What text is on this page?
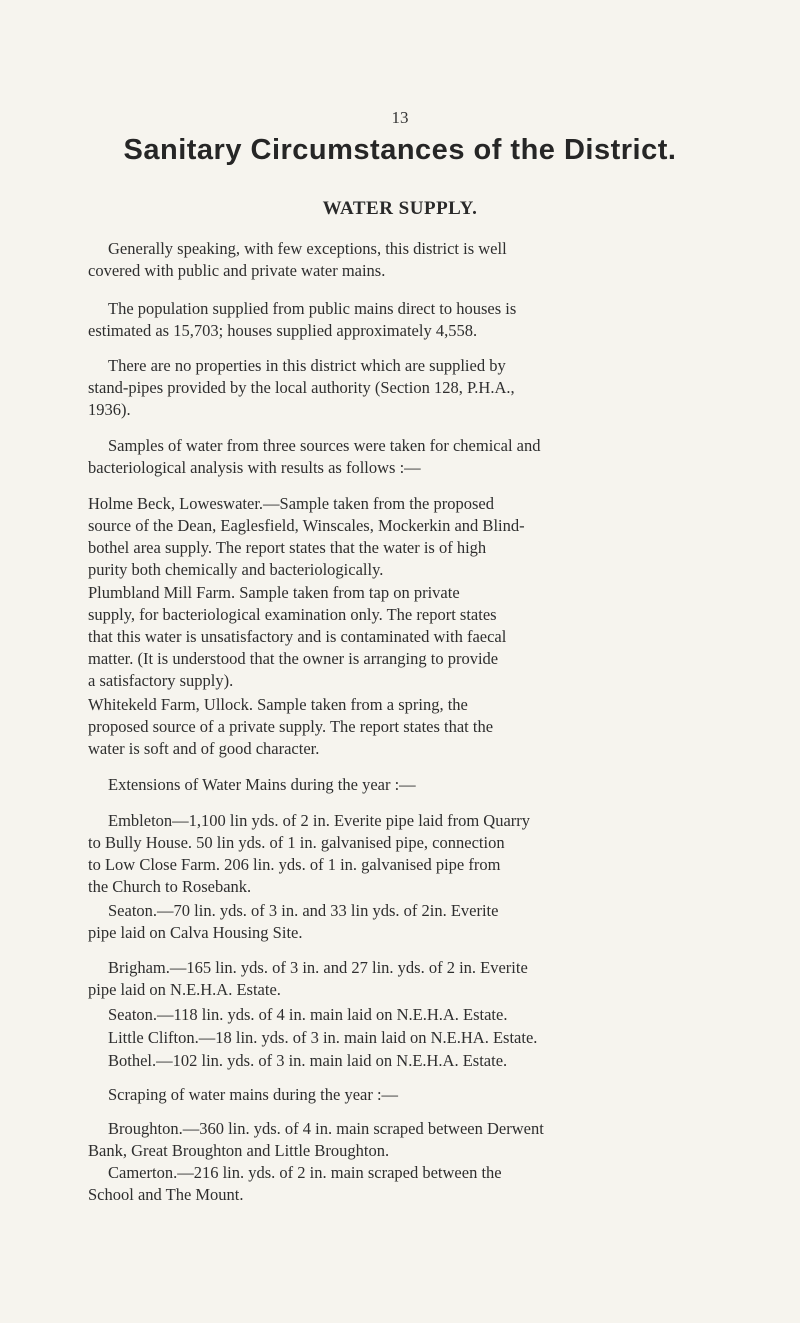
13
Sanitary Circumstances of the District.
WATER SUPPLY.

Generally speaking, with few exceptions, this district is well
covered with public and private water mains.

The population supplied from public mains direct to houses is
estimated as 15,703; houses supplied approximately 4,558.

There are no properties in this district which are supplied by
stand-pipes provided by the local authority (Section 128, P.H.A.,
1936).

Samples of water from three sources were taken for chemical and
bacteriological analysis with results as follows :—

Holme Beck, Loweswater.—Sample taken from the proposed
source of the Dean, Eaglesfield, Winscales, Mockerkin and Blind-
bothel area supply. The report states that the water is of high
purity both chemically and bacteriologically.

Plumbland Mill Farm. Sample taken from tap on private
supply, for bacteriological examination only. The report states
that this water is unsatisfactory and is contaminated with faecal
matter. (It is understood that the owner is arranging to provide
a satisfactory supply).

Whitekeld Farm, Ullock. Sample taken from a spring, the
proposed source of a private supply. The report states that the
water is soft and of good character.

Extensions of Water Mains during the year :—

Embleton—1,100 lin yds. of 2 in. Everite pipe laid from Quarry
to Bully House. 50 lin yds. of 1 in. galvanised pipe, connection
to Low Close Farm. 206 lin. yds. of 1 in. galvanised pipe from
the Church to Rosebank.

Seaton.—70 lin. yds. of 3 in. and 33 lin yds. of 2in. Everite
pipe laid on Calva Housing Site.

Brigham.—165 lin. yds. of 3 in. and 27 lin. yds. of 2 in. Everite
pipe laid on N.E.H.A. Estate.

Seaton.—118 lin. yds. of 4 in. main laid on N.E.H.A. Estate.

Little Clifton.—18 lin. yds. of 3 in. main laid on N.E.HA. Estate.

Bothel.—102 lin. yds. of 3 in. main laid on N.E.H.A. Estate.

Scraping of water mains during the year :—

Broughton.—360 lin. yds. of 4 in. main scraped between Derwent
Bank, Great Broughton and Little Broughton.

Camerton.—216 lin. yds. of 2 in. main scraped between the
School and The Mount.
